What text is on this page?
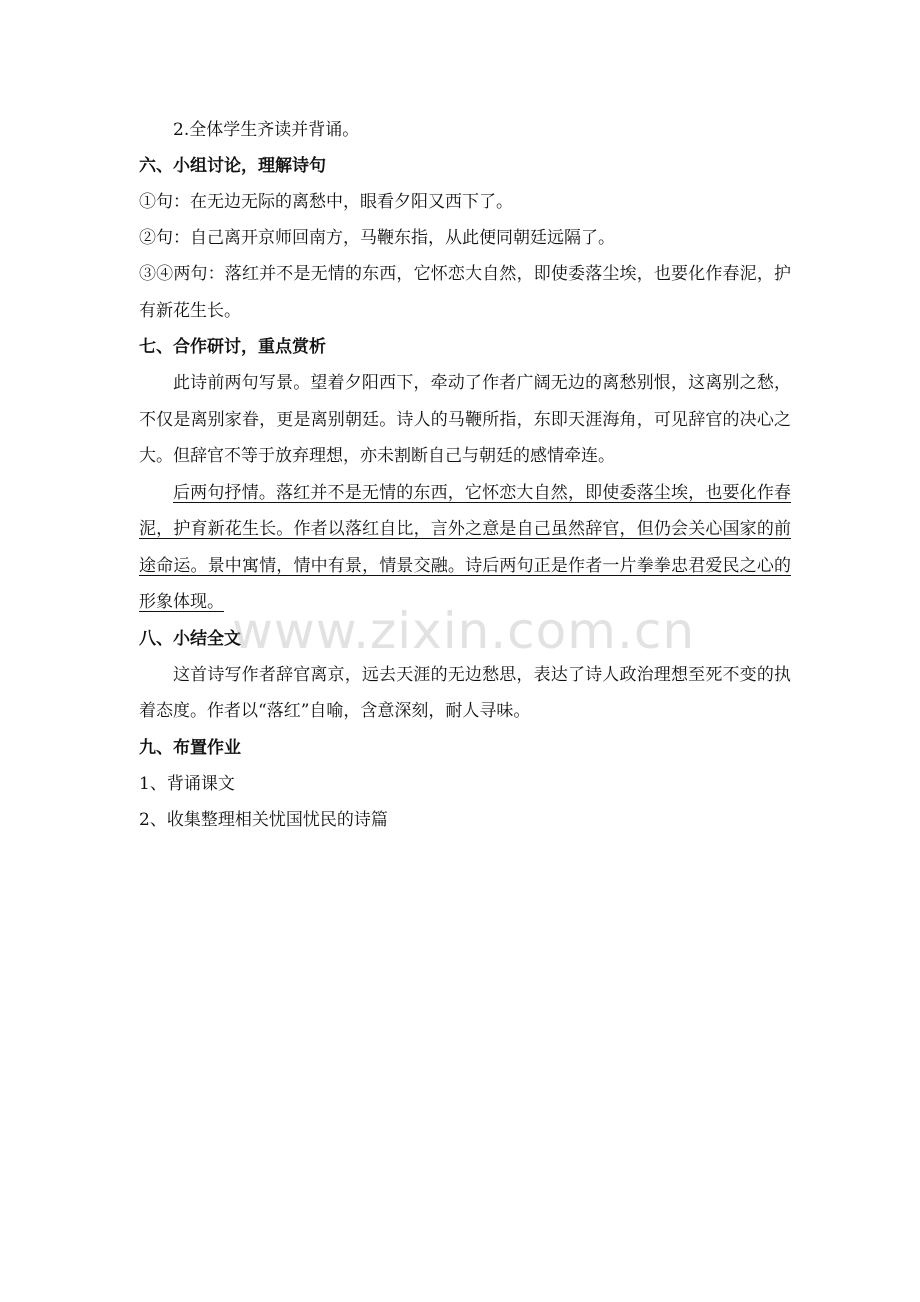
2.全体学生齐读并背诵。

六、小组讨论，理解诗句

①句：在无边无际的离愁中，眼看夕阳又西下了。

②句：自己离开京师回南方，马鞭东指，从此便同朝廷远隔了。

③④两句：落红并不是无情的东西，它怀恋大自然，即使委落尘埃，也要化作春泥，护有新花生长。

七、合作研讨，重点赏析

此诗前两句写景。望着夕阳西下，牵动了作者广阔无边的离愁别恨，这离别之愁，不仅是离别家眷，更是离别朝廷。诗人的马鞭所指，东即天涯海角，可见辞官的决心之大。但辞官不等于放弃理想，亦未割断自己与朝廷的感情牵连。

后两句抒情。落红并不是无情的东西，它怀恋大自然，即使委落尘埃，也要化作春泥，护育新花生长。作者以落红自比，言外之意是自己虽然辞官，但仍会关心国家的前途命运。景中寓情，情中有景，情景交融。诗后两句正是作者一片拳拳忠君爱民之心的形象体现。

八、小结全文

这首诗写作者辞官离京，远去天涯的无边愁思，表达了诗人政治理想至死不变的执着态度。作者以“落红”自喻，含意深刻，耐人寻味。

九、布置作业

1、背诵课文

2、收集整理相关忧国忧民的诗篇

www.zixin.com.cn
